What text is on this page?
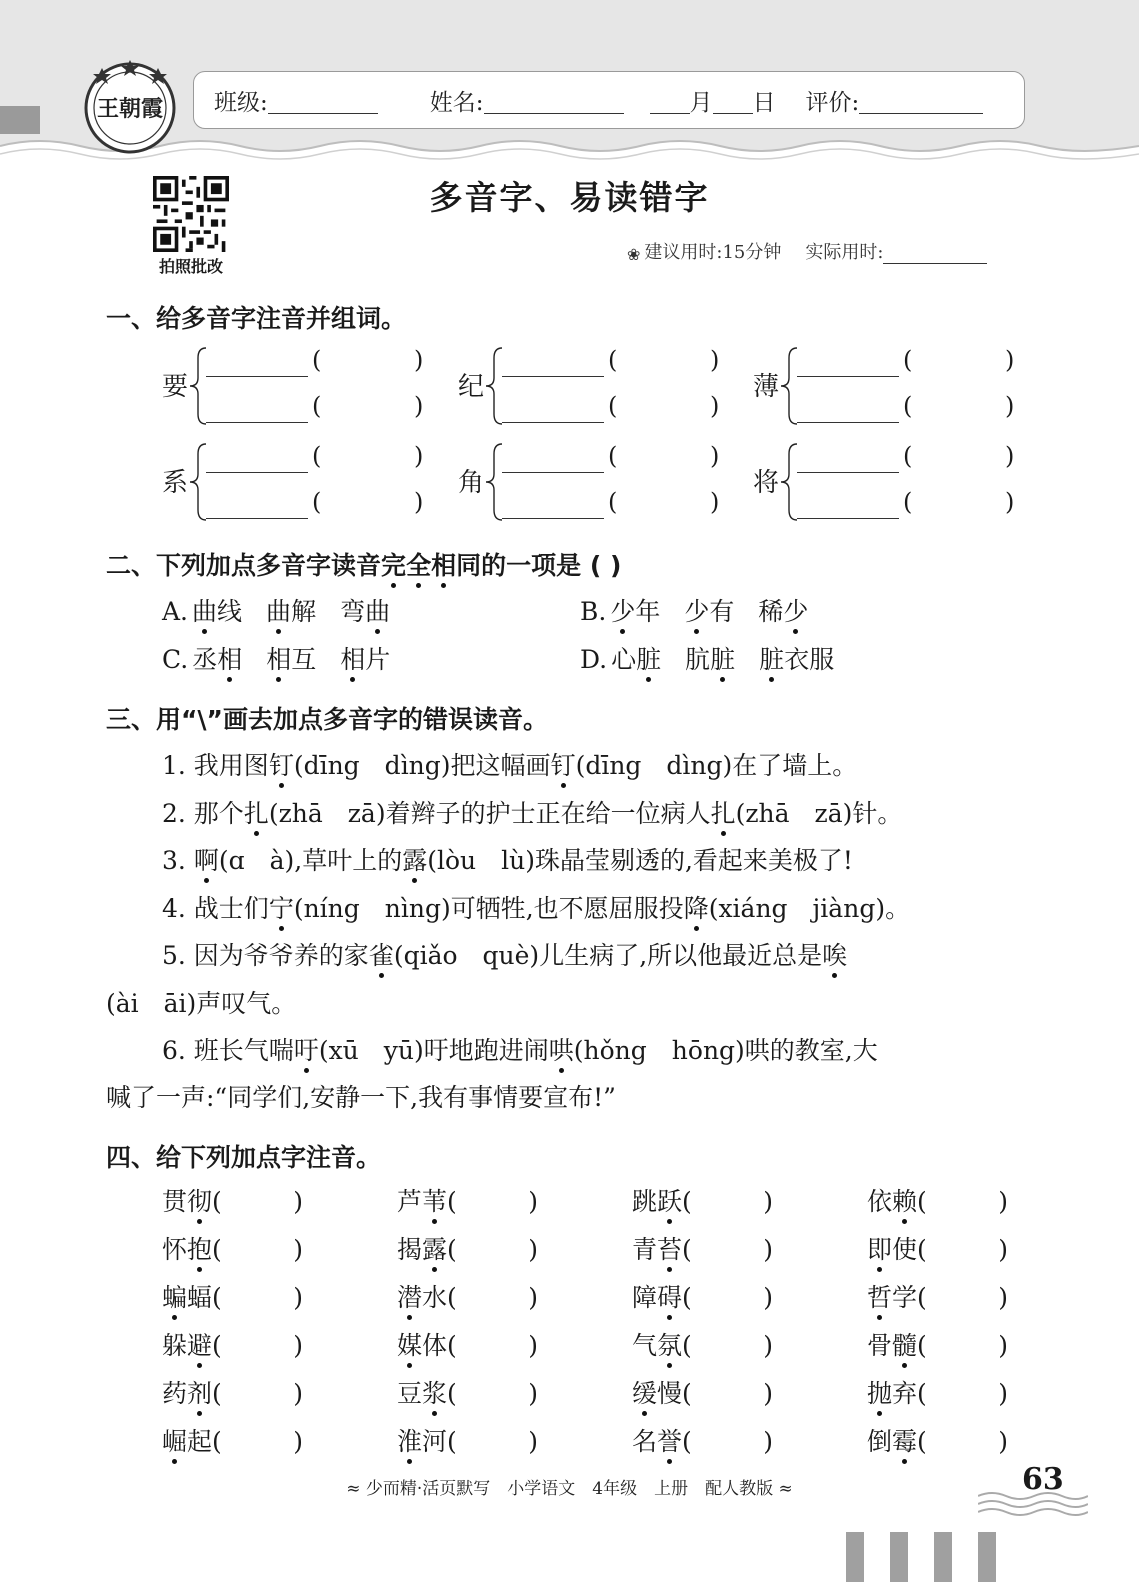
王朝霞 班级:	姓名:	月 日 评价:
拍照批改
多音字、易读错字
❀ 建议用时:15分钟 实际用时:
一、给多音字注音并组词。
要
(	)
(	)
纪
(	)
(	)
薄
(	)
(	)
系
(	)
(	)
角
(	)
(	)
将
(	)
(	)
二、下列加点多音字读音完全相同的一项是 ( )
A. 曲线 曲解 弯曲	B. 少年 少有 稀少
C. 丞相 相互 相片	D. 心脏 肮脏 脏衣服
三、用“\”画去加点多音字的错误读音。
1. 我用图钉(dīng　dìng)把这幅画钉(dīng　dìng)在了墙上。
2. 那个扎(zhā　zā)着辫子的护士正在给一位病人扎(zhā　zā)针。
3. 啊(ɑ　à),草叶上的露(lòu　lù)珠晶莹剔透的,看起来美极了!
4. 战士们宁(níng　nìng)可牺牲,也不愿屈服投降(xiáng　jiàng)。
5. 因为爷爷养的家雀(qiǎo　què)儿生病了,所以他最近总是唉
(ài　āi)声叹气。
6. 班长气喘吁(xū　yū)吁地跑进闹哄(hǒng　hōng)哄的教室,大
喊了一声:“同学们,安静一下,我有事情要宣布!”
四、给下列加点字注音。
贯彻(         )	芦苇(         )	跳跃(         )	依赖(         )
怀抱(         )	揭露(         )	青苔(         )	即使(         )
蝙蝠(         )	潜水(         )	障碍(         )	哲学(         )
躲避(         )	媒体(         )	气氛(         )	骨髓(         )
药剂(         )	豆浆(         )	缓慢(         )	抛弃(         )
崛起(         )	淮河(         )	名誉(         )	倒霉(         )
≈ 少而精·活页默写　小学语文　4年级　上册　配人教版 ≈	63
